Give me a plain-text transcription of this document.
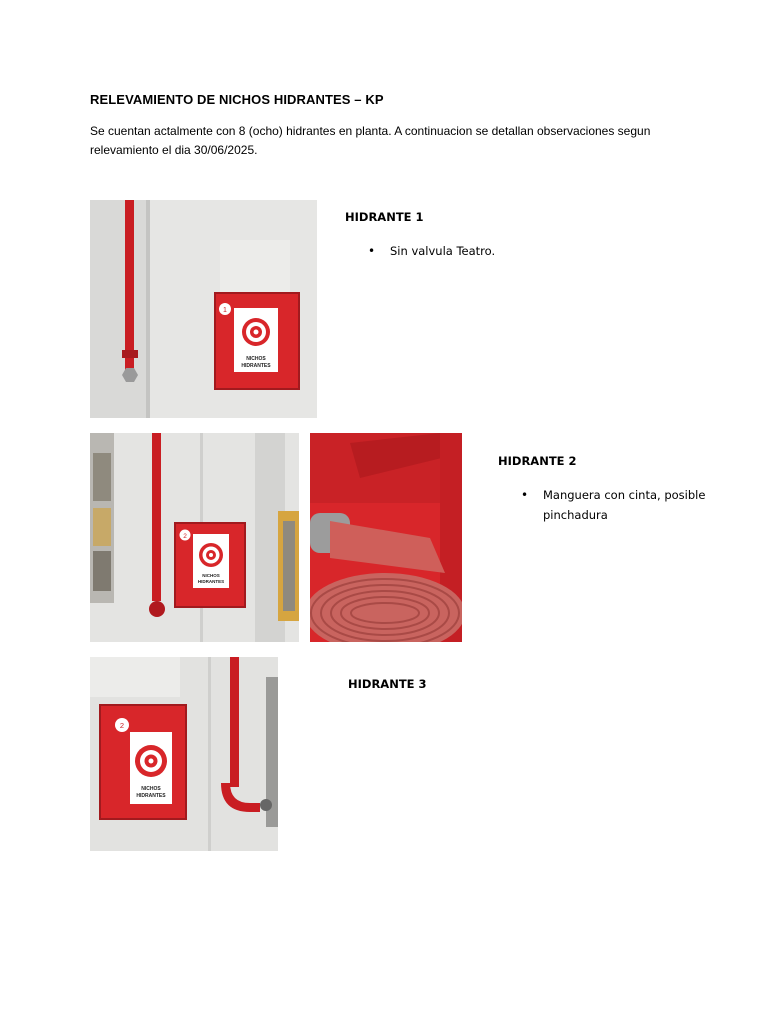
RELEVAMIENTO DE NICHOS HIDRANTES – KP
Se cuentan actalmente con 8 (ocho) hidrantes en planta. A continuacion se detallan observaciones segun relevamiento el dia 30/06/2025.
NICHOS
HIDRANTES
1
HIDRANTE 1
• Sin valvula Teatro.
NICHOS
HIDRANTES
2
HIDRANTE 2
• Manguera con cinta, posible pinchadura
NICHOS
HIDRANTES
2
HIDRANTE 3
